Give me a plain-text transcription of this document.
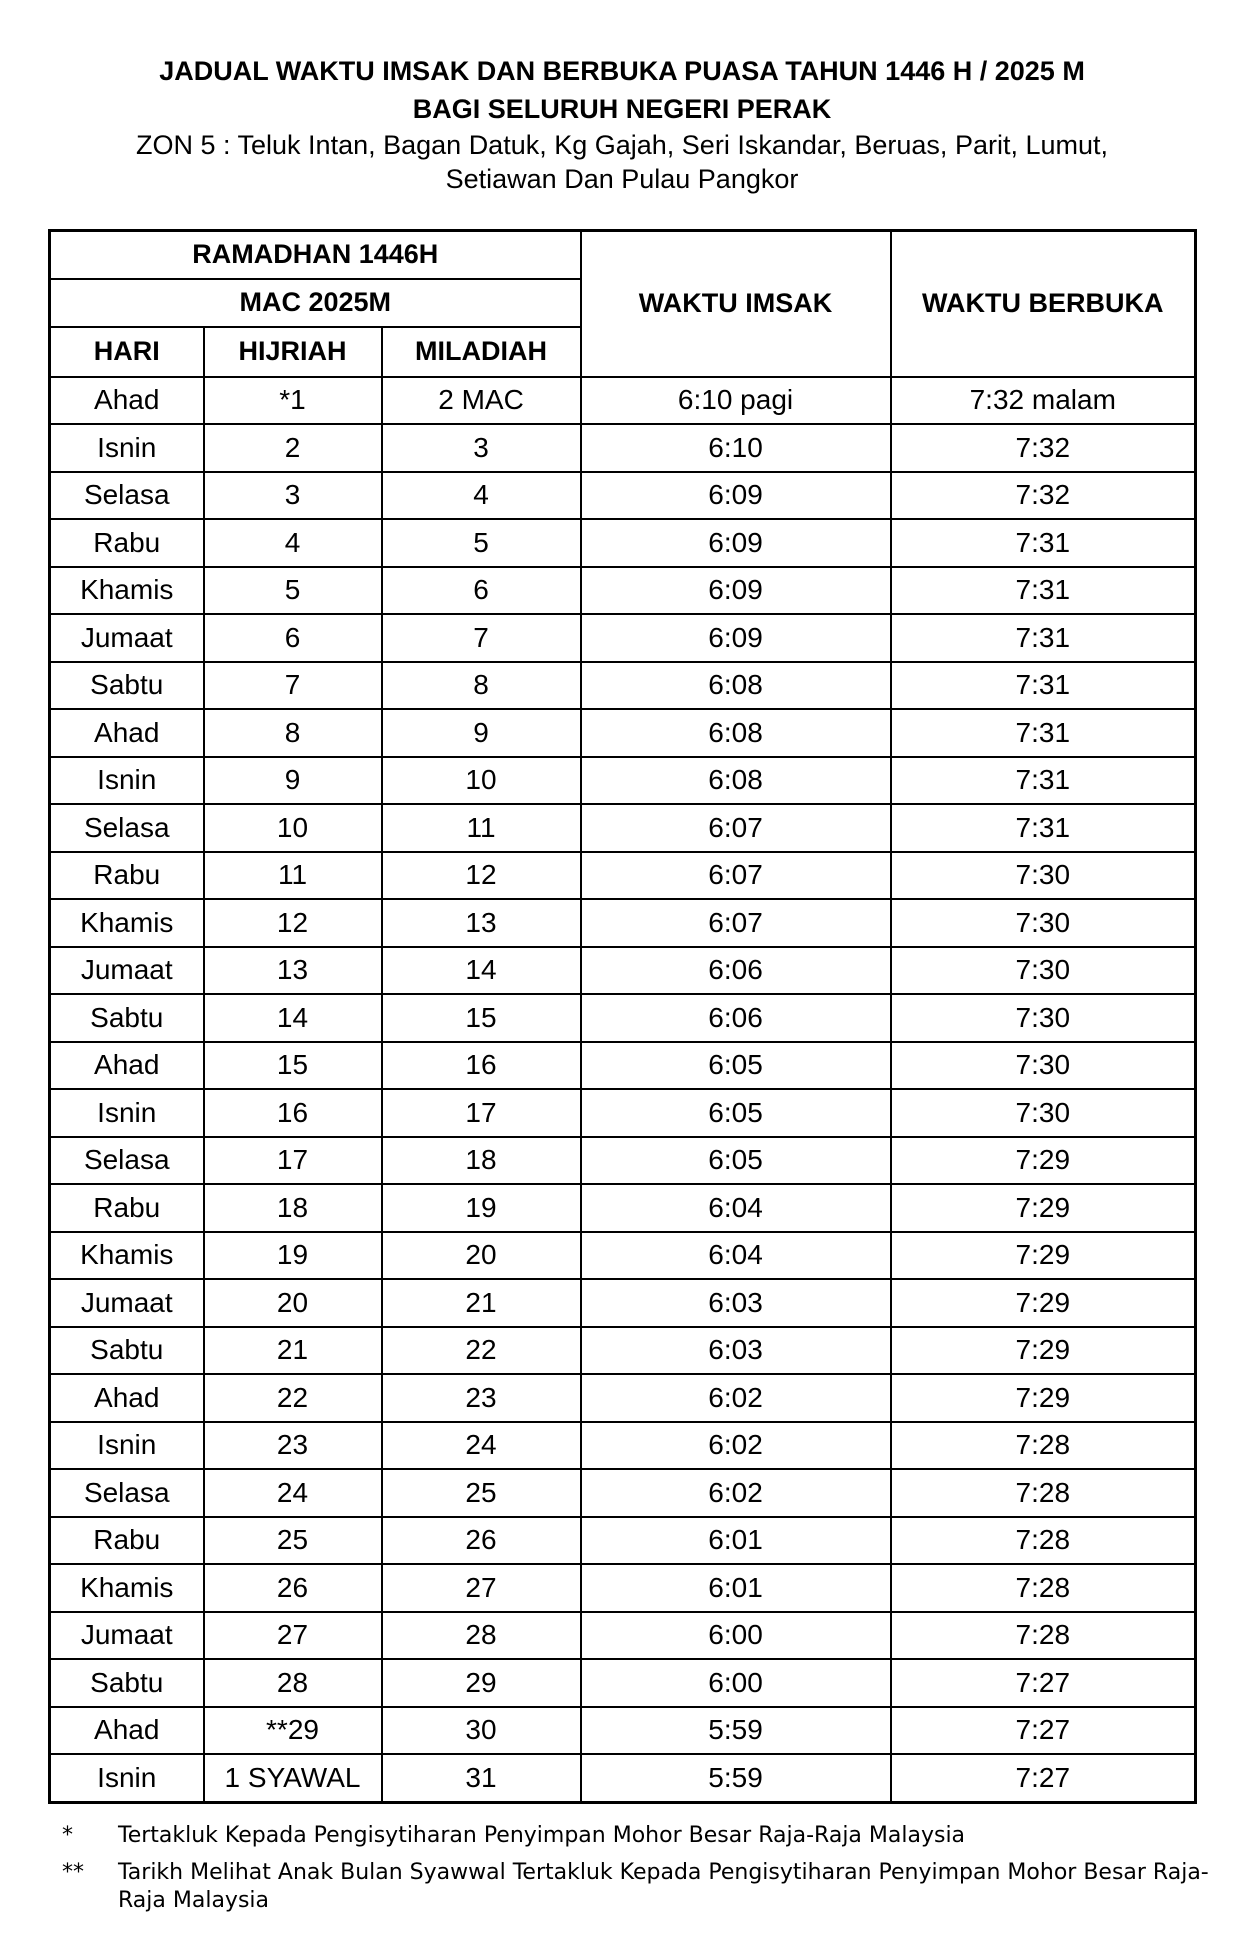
JADUAL WAKTU IMSAK DAN BERBUKA PUASA TAHUN 1446 H / 2025 M
BAGI SELURUH NEGERI PERAK
ZON 5 : Teluk Intan, Bagan Datuk, Kg Gajah, Seri Iskandar, Beruas, Parit, Lumut,
Setiawan Dan Pulau Pangkor
RAMADHAN 1446H			WAKTU IMSAK	WAKTU BERBUKA
MAC 2025M				
HARI	HIJRIAH	MILADIAH		
Ahad	*1	2 MAC	6:10 pagi	7:32 malam
Isnin	2	3	6:10	7:32
Selasa	3	4	6:09	7:32
Rabu	4	5	6:09	7:31
Khamis	5	6	6:09	7:31
Jumaat	6	7	6:09	7:31
Sabtu	7	8	6:08	7:31
Ahad	8	9	6:08	7:31
Isnin	9	10	6:08	7:31
Selasa	10	11	6:07	7:31
Rabu	11	12	6:07	7:30
Khamis	12	13	6:07	7:30
Jumaat	13	14	6:06	7:30
Sabtu	14	15	6:06	7:30
Ahad	15	16	6:05	7:30
Isnin	16	17	6:05	7:30
Selasa	17	18	6:05	7:29
Rabu	18	19	6:04	7:29
Khamis	19	20	6:04	7:29
Jumaat	20	21	6:03	7:29
Sabtu	21	22	6:03	7:29
Ahad	22	23	6:02	7:29
Isnin	23	24	6:02	7:28
Selasa	24	25	6:02	7:28
Rabu	25	26	6:01	7:28
Khamis	26	27	6:01	7:28
Jumaat	27	28	6:00	7:28
Sabtu	28	29	6:00	7:27
Ahad	**29	30	5:59	7:27
Isnin	1 SYAWAL	31	5:59	7:27
*	Tertakluk Kepada Pengisytiharan Penyimpan Mohor Besar Raja-Raja Malaysia
**	Tarikh Melihat Anak Bulan Syawwal Tertakluk Kepada Pengisytiharan Penyimpan Mohor Besar Raja-Raja Malaysia
